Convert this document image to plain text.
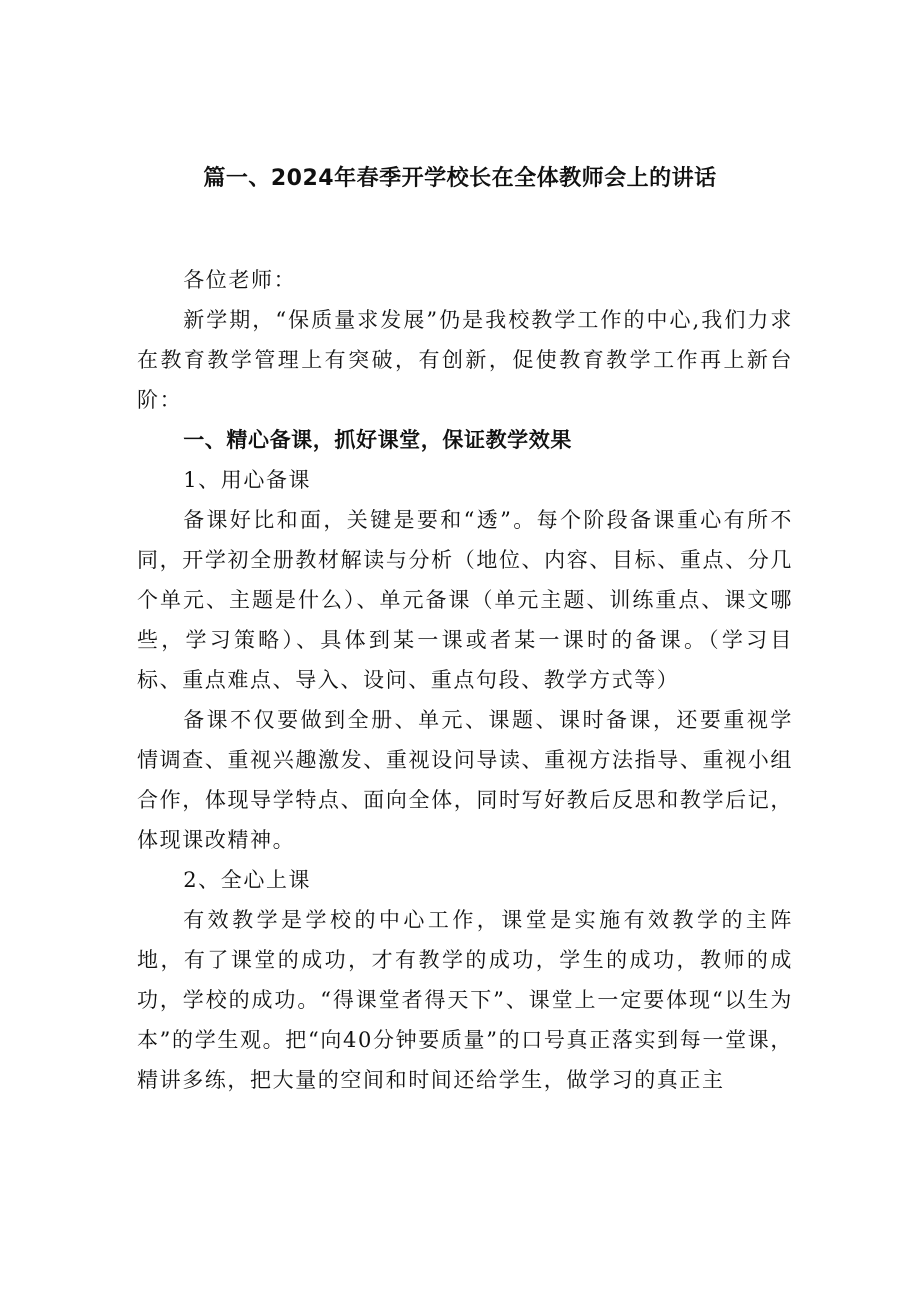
篇一、2024年春季开学校长在全体教师会上的讲话

各位老师：

新学期，“保质量求发展”仍是我校教学工作的中心,我们力求在教育教学管理上有突破，有创新，促使教育教学工作再上新台阶：

一、精心备课，抓好课堂，保证教学效果

1、用心备课

备课好比和面，关键是要和“透”。每个阶段备课重心有所不同，开学初全册教材解读与分析（地位、内容、目标、重点、分几个单元、主题是什么）、单元备课（单元主题、训练重点、课文哪些，学习策略）、具体到某一课或者某一课时的备课。（学习目标、重点难点、导入、设问、重点句段、教学方式等）

备课不仅要做到全册、单元、课题、课时备课，还要重视学情调查、重视兴趣激发、重视设问导读、重视方法指导、重视小组合作，体现导学特点、面向全体，同时写好教后反思和教学后记，体现课改精神。

2、全心上课

有效教学是学校的中心工作，课堂是实施有效教学的主阵地，有了课堂的成功，才有教学的成功，学生的成功，教师的成功，学校的成功。“得课堂者得天下”、课堂上一定要体现“以生为本”的学生观。把“向40分钟要质量”的口号真正落实到每一堂课，精讲多练，把大量的空间和时间还给学生，做学习的真正主
